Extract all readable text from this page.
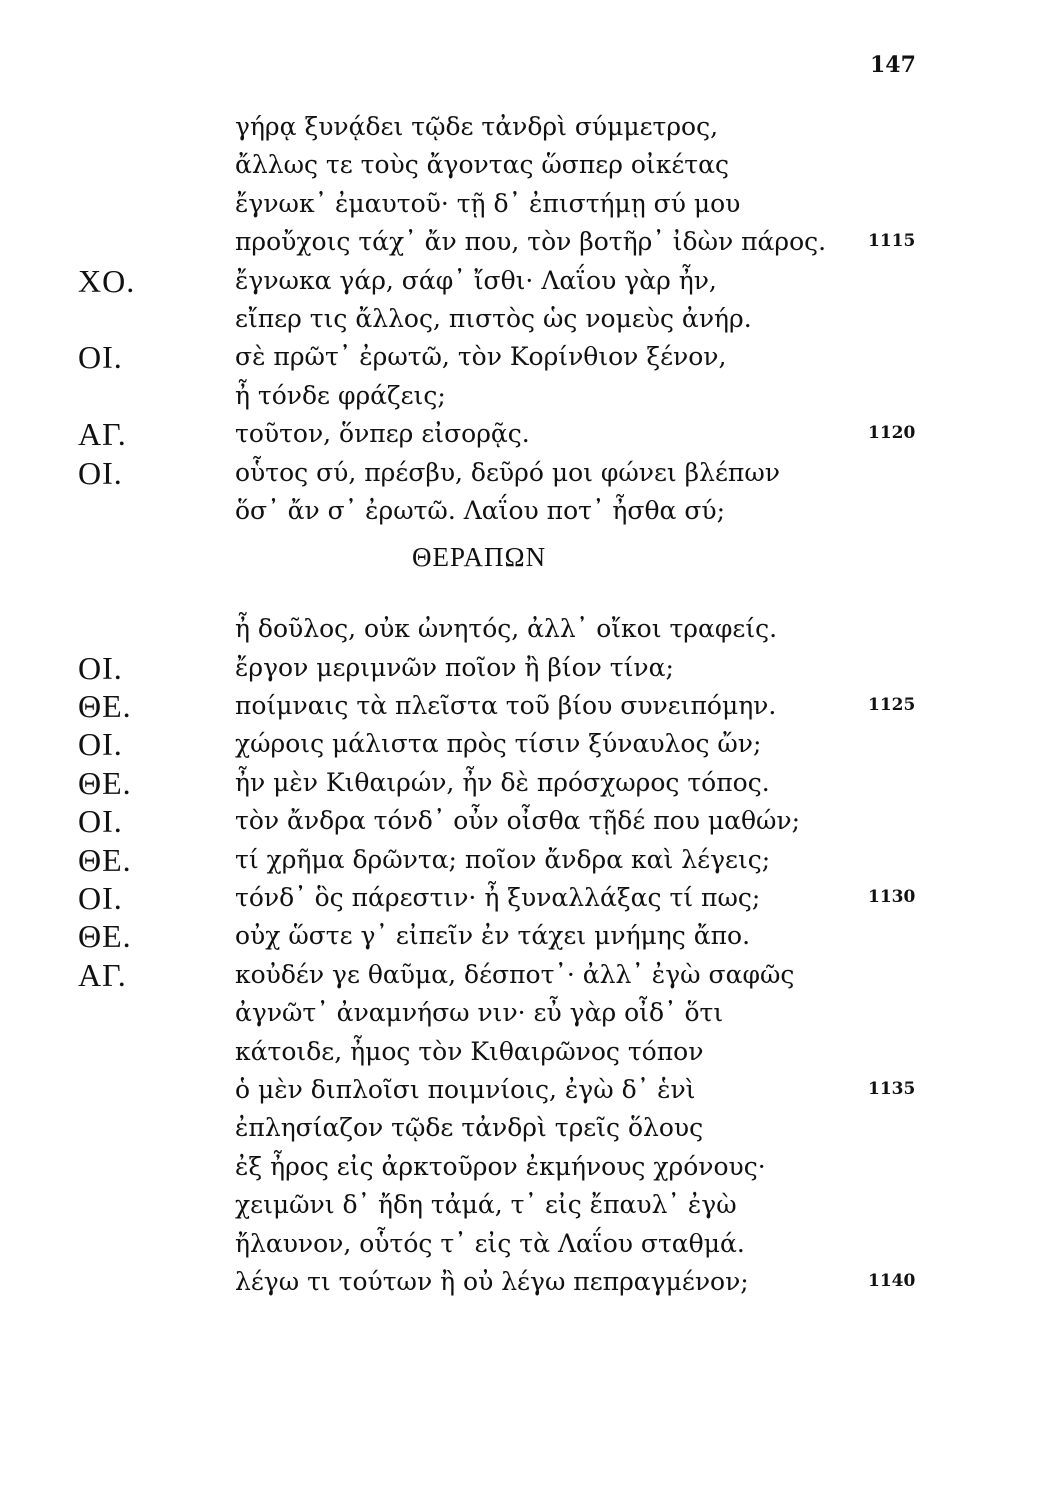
147
γήρᾳ ξυνᾴδει τῷδε τἀνδρὶ σύμμετρος,
ἄλλως τε τοὺς ἄγοντας ὥσπερ οἰκέτας
ἔγνωκ᾽ ἐμαυτοῦ· τῇ δ᾽ ἐπιστήμῃ σύ μου
προὔχοις τάχ᾽ ἄν που, τὸν βοτῆρ᾽ ἰδὼν πάρος. 1115
ΧΟ.	ἔγνωκα γάρ, σάφ᾽ ἴσθι· Λαΐου γὰρ ἦν,
εἴπερ τις ἄλλος, πιστὸς ὡς νομεὺς ἀνήρ.
ΟΙ.	σὲ πρῶτ᾽ ἐρωτῶ, τὸν Κορίνθιον ξένον,
ἦ τόνδε φράζεις;
ΑΓ.	τοῦτον, ὅνπερ εἰσορᾷς.	1120
ΟΙ.	οὗτος σύ, πρέσβυ, δεῦρό μοι φώνει βλέπων
ὅσ᾽ ἄν σ᾽ ἐρωτῶ. Λαΐου ποτ᾽ ἦσθα σύ;
ΘΕΡΑΠΩΝ
ἦ δοῦλος, οὐκ ὠνητός, ἀλλ᾽ οἴκοι τραφείς.
ΟΙ.	ἔργον μεριμνῶν ποῖον ἢ βίον τίνα;
ΘΕ.	ποίμναις τὰ πλεῖστα τοῦ βίου συνειπόμην.	1125
ΟΙ.	χώροις μάλιστα πρὸς τίσιν ξύναυλος ὤν;
ΘΕ.	ἦν μὲν Κιθαιρών, ἦν δὲ πρόσχωρος τόπος.
ΟΙ.	τὸν ἄνδρα τόνδ᾽ οὖν οἶσθα τῇδέ που μαθών;
ΘΕ.	τί χρῆμα δρῶντα; ποῖον ἄνδρα καὶ λέγεις;
ΟΙ.	τόνδ᾽ ὃς πάρεστιν· ἦ ξυναλλάξας τί πως;	1130
ΘΕ.	οὐχ ὥστε γ᾽ εἰπεῖν ἐν τάχει μνήμης ἄπο.
ΑΓ.	κοὐδέν γε θαῦμα, δέσποτ᾽· ἀλλ᾽ ἐγὼ σαφῶς
ἀγνῶτ᾽ ἀναμνήσω νιν· εὖ γὰρ οἶδ᾽ ὅτι
κάτοιδε, ἦμος τὸν Κιθαιρῶνος τόπον
ὁ μὲν διπλοῖσι ποιμνίοις, ἐγὼ δ᾽ ἑνὶ	1135
ἐπλησίαζον τῷδε τἀνδρὶ τρεῖς ὅλους
ἐξ ἦρος εἰς ἀρκτοῦρον ἐκμήνους χρόνους·
χειμῶνι δ᾽ ἤδη τἀμά, τ᾽ εἰς ἔπαυλ᾽ ἐγὼ
ἤλαυνον, οὗτός τ᾽ εἰς τὰ Λαΐου σταθμά.
λέγω τι τούτων ἢ οὐ λέγω πεπραγμένον;	1140
